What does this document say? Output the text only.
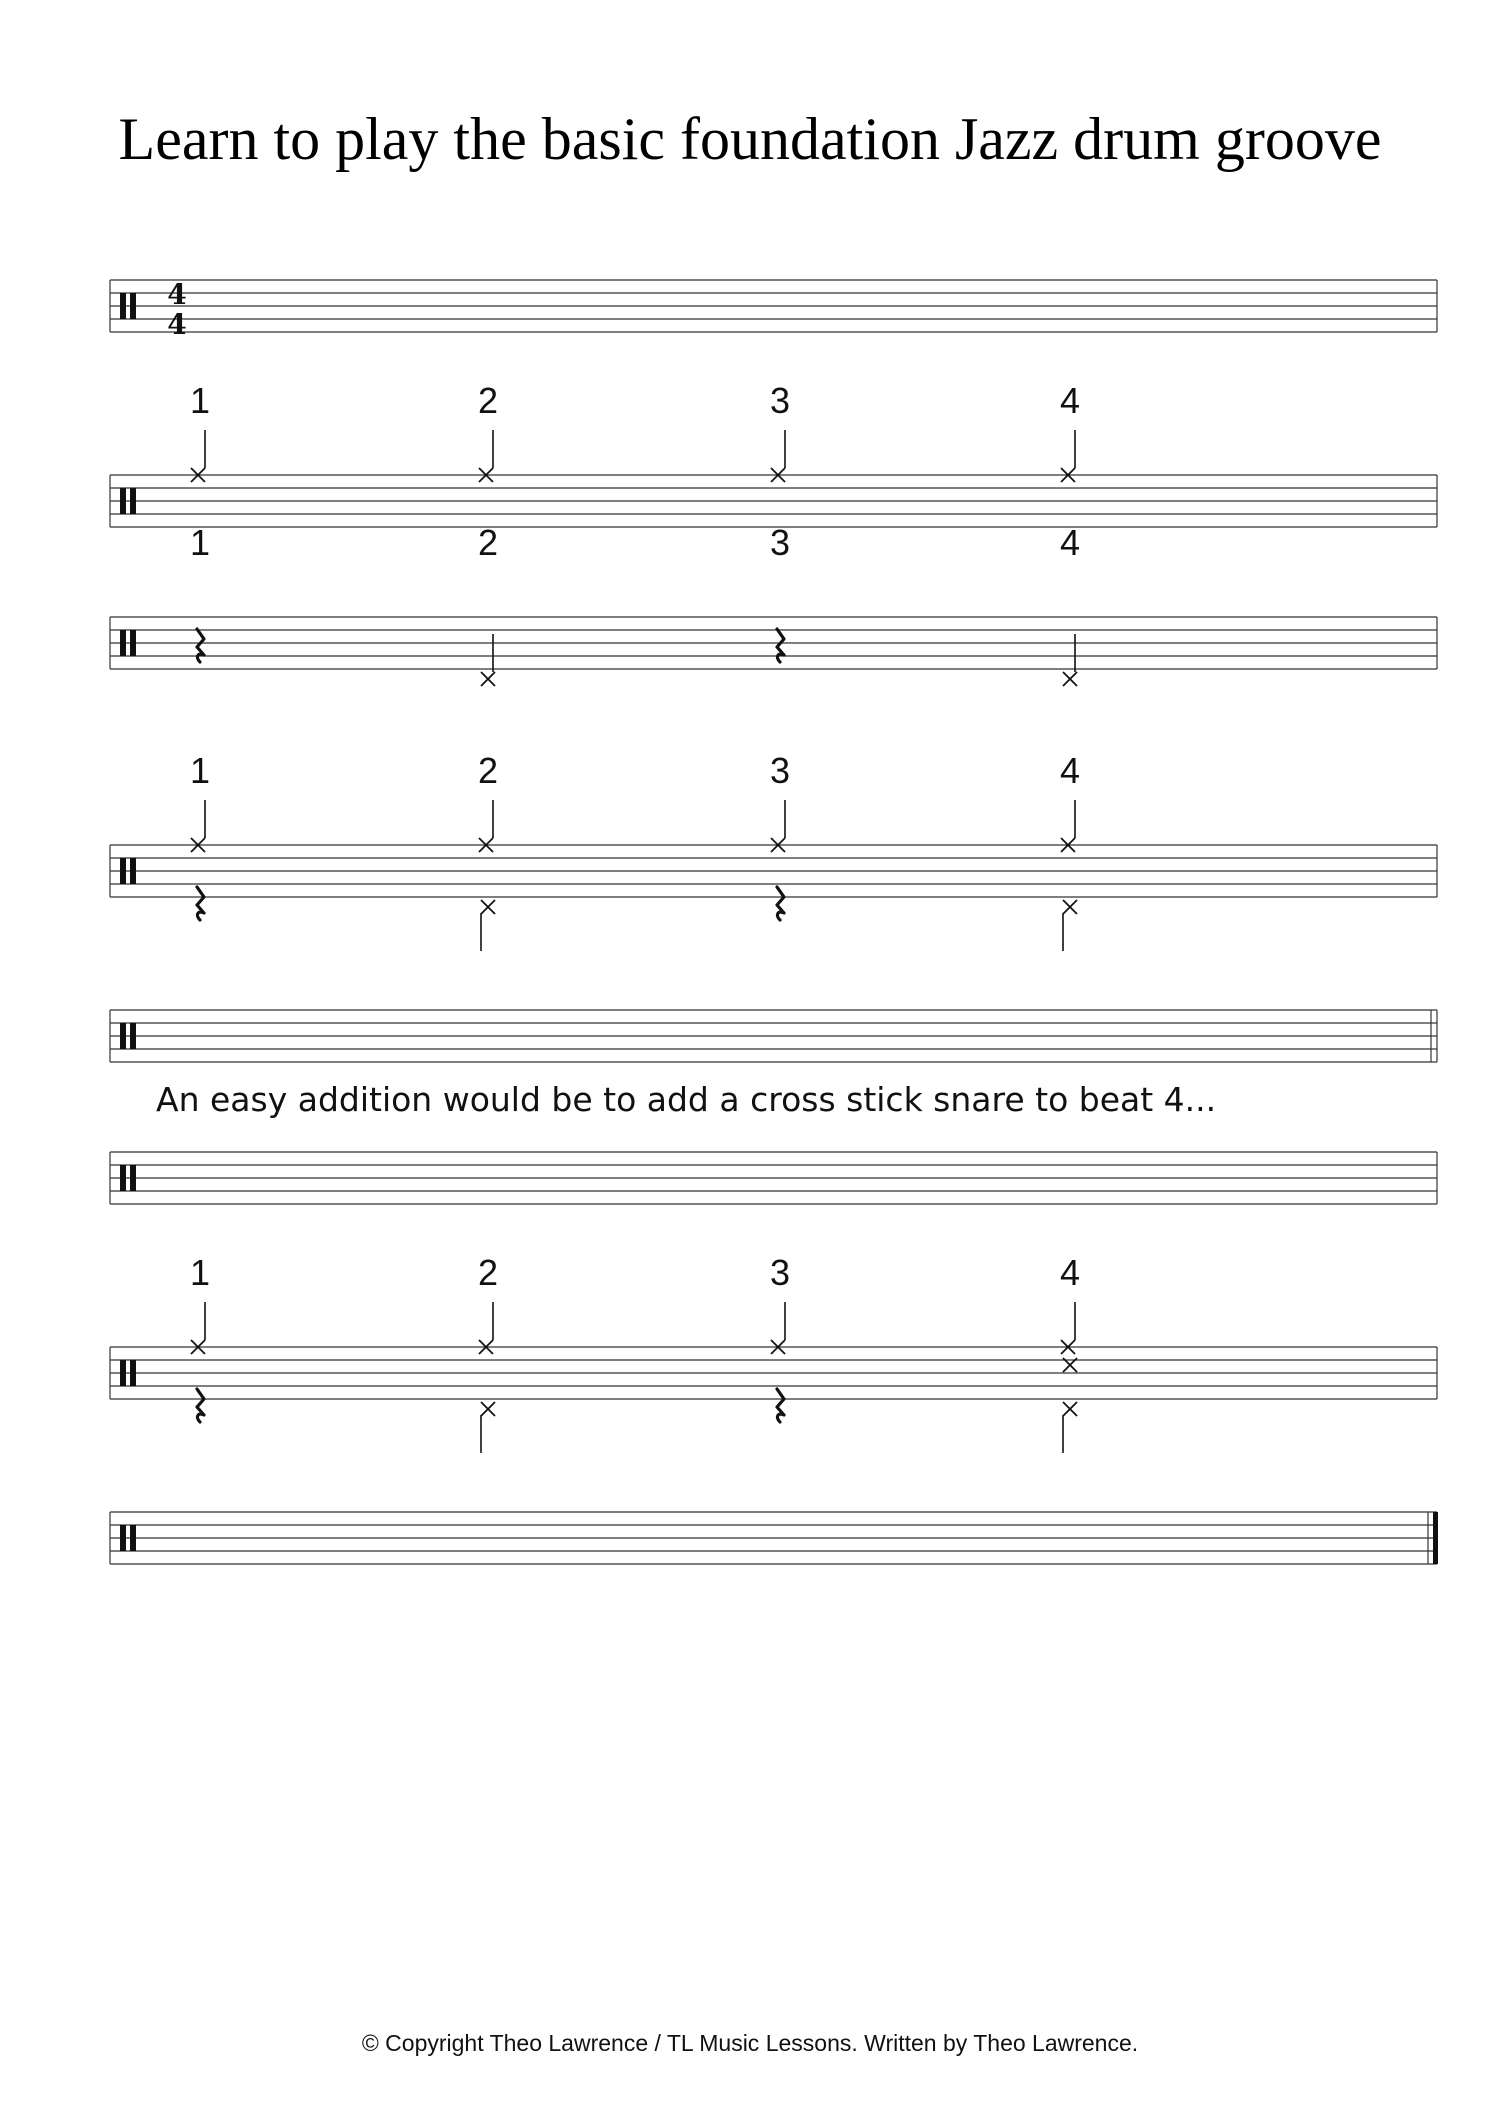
Learn to play the basic foundation Jazz drum groove
4
4
1	2	3	4
1	2	3	4
1	2	3	4
1	2	3	4
An easy addition would be to add a cross stick snare to beat 4...
© Copyright Theo Lawrence / TL Music Lessons. Written by Theo Lawrence.
